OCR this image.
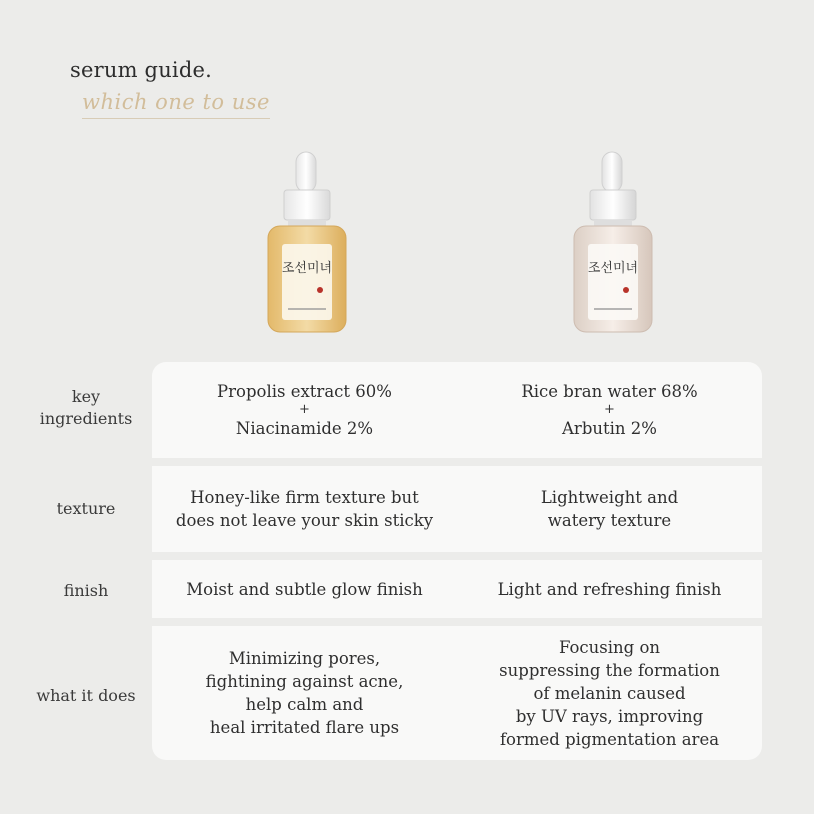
serum guide.
which one to use
조선미녀	조선미녀
key
ingredients
texture
finish
what it does
Propolis extract 60%
+
Niacinamide 2%
Rice bran water 68%
+
Arbutin 2%
Honey-like firm texture but
does not leave your skin sticky
Lightweight and
watery texture
Moist and subtle glow finish	Light and refreshing finish
Minimizing pores,
fightining against acne,
help calm and
heal irritated flare ups
Focusing on
suppressing the formation
of melanin caused
by UV rays, improving
formed pigmentation area
